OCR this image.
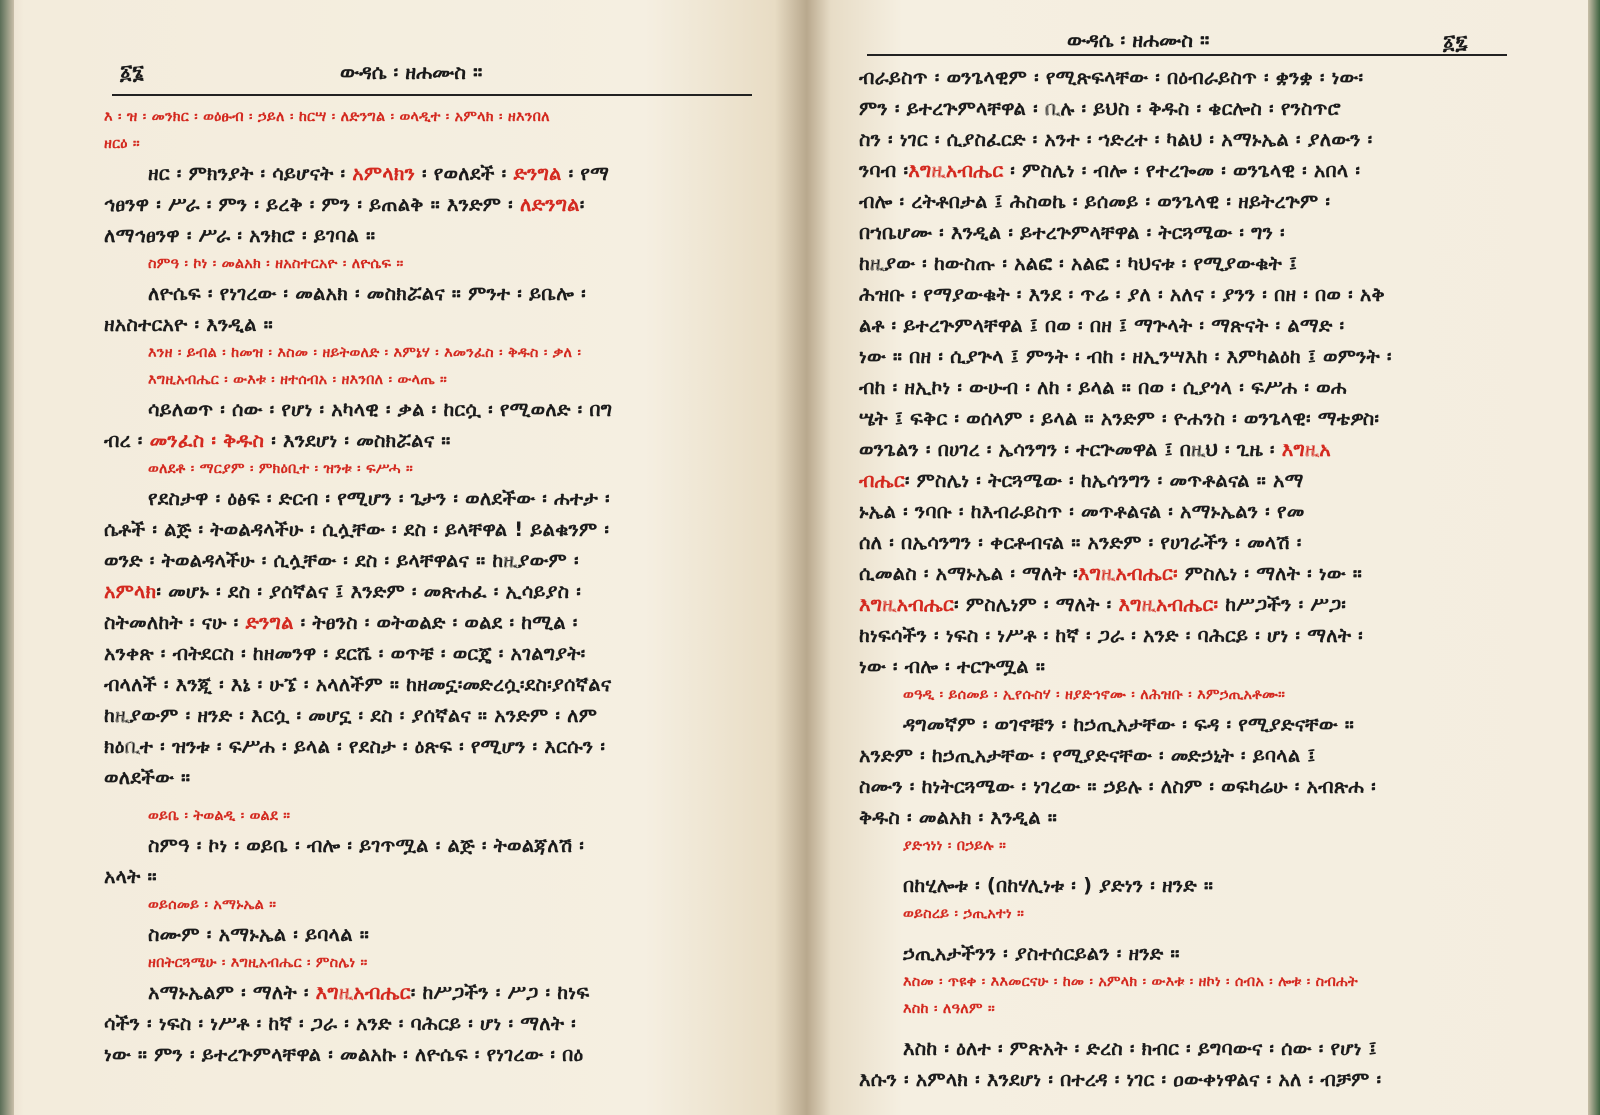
፩፮	ውዳሴ ፡ ዘሐሙስ ።
እ ፡ ዝ ፡ መንክር ፡ ወዕፁብ ፡ ኃይለ ፡ ከርሣ ፡ ለድንግል ፡ ወላዲተ ፡ አምላክ ፡ ዘእንበለ
ዘርዕ ።
ዘር ፡ ምክንያት ፡ ሳይሆናት ፡ አምላክን ፡ የወለደች ፡ ድንግል ፡ የማ
ኅፀንዋ ፡ ሥራ ፡ ምን ፡ ይረቅ ፡ ምን ፡ ይጠልቅ ። እንድም ፡ ለድንግል፡
ለማኅፀንዋ ፡ ሥራ ፡ አንክሮ ፡ ይገባል ።
ስምዓ ፡ ኮነ ፡ መልአክ ፡ ዘአስተርአዮ ፡ ለዮሴፍ ።
ለዮሴፍ ፡ የነገረው ፡ መልአክ ፡ መስክሯልና ። ምንተ ፡ ይቤሎ ፡
ዘአስተርአዮ ፡ እንዲል ።
እንዘ ፡ ይብል ፡ ከመዝ ፡ እስመ ፡ ዘይትወለድ ፡ እምኔሃ ፡ እመንፈስ ፡ ቅዱስ ፡ ቃለ ፡
እግዚአብሔር ፡ ውእቱ ፡ ዘተሰብአ ፡ ዘእንበለ ፡ ውላጤ ።
ሳይለወጥ ፡ ሰው ፡ የሆነ ፡ አካላዊ ፡ ቃል ፡ ከርሷ ፡ የሚወለድ ፡ በግ
ብረ ፡ መንፈስ ፡ ቅዱስ ፡ እንደሆነ ፡ መስክሯልና ።
ወለደቶ ፡ ማርያም ፡ ምክዕቢተ ፡ ዝንቱ ፡ ፍሥሓ ።
የደስታዋ ፡ ዕፅፍ ፡ ድርብ ፡ የሚሆን ፡ ጌታን ፡ ወለደችው ፡ ሐተታ ፡
ሴቶች ፡ ልጅ ፡ ትወልዳላችሁ ፡ ሲሏቸው ፡ ደስ ፡ ይላቸዋል ! ይልቁንም ፡
ወንድ ፡ ትወልዳላችሁ ፡ ሲሏቸው ፡ ደስ ፡ ይላቸዋልና ። ከዚያውም ፡
አምላክ፡ መሆኑ ፡ ደስ ፡ ያሰኛልና ፤ እንድም ፡ መጽሐፈ ፡ ኢሳይያስ ፡
ስትመለከት ፡ ናሁ ፡ ድንግል ፡ ትፀንስ ፡ ወትወልድ ፡ ወልደ ፡ ከሚል ፡
አንቀጽ ፡ ብትደርስ ፡ ከዘመንዋ ፡ ደርሼ ፡ ወጥቼ ፡ ወርጄ ፡ አገልግያት፡
ብላለች ፡ እንጂ ፡ እኔ ፡ ሁኜ ፡ አላለችም ። ከዘመኗ፡መድረሷ፡ደስ፡ያሰኛልና
ከዚያውም ፡ ዘንድ ፡ እርሷ ፡ መሆኗ ፡ ደስ ፡ ያሰኛልና ። አንድም ፡ ለም
ክዕቢተ ፡ ዝንቱ ፡ ፍሥሐ ፡ ይላል ፡ የደስታ ፡ ዕጽፍ ፡ የሚሆን ፡ እርሱን ፡
ወለደችው ።
ወይቤ ፡ ትወልዲ ፡ ወልደ ።
ስምዓ ፡ ኮነ ፡ ወይቤ ፡ ብሎ ፡ ይገጥሟል ፡ ልጅ ፡ ትወልጃለሽ ፡
አላት ።
ወይሰመይ ፡ አማኑኤል ።
ስሙም ፡ አማኑኤል ፡ ይባላል ።
ዘበትርጓሜሁ ፡ እግዚአብሔር ፡ ምስሌነ ።
አማኑኤልም ፡ ማለት ፡ እግዚአብሔር፡ ከሥጋችን ፡ ሥጋ ፡ ከነፍ
ሳችን ፡ ነፍስ ፡ ነሥቶ ፡ ከኛ ፡ ጋራ ፡ አንድ ፡ ባሕርይ ፡ ሆነ ፡ ማለት ፡
ነው ። ምን ፡ ይተረጕምላቸዋል ፡ መልአኩ ፡ ለዮሴፍ ፡ የነገረው ፡ በዕ
ውዳሴ ፡ ዘሐሙስ ።	፩፯
ብራይስጥ ፡ ወንጌላዊም ፡ የሚጽፍላቸው ፡ በዕብራይስጥ ፡ ቋንቋ ፡ ነው፡
ምን ፡ ይተረጕምላቸዋል ፡ ቢሉ ፡ ይህስ ፡ ቅዱስ ፡ ቄርሎስ ፡ የንስጥሮ
ስን ፡ ነገር ፡ ሲያስፈርድ ፡ አንተ ፡ ኀድረተ ፡ ካልህ ፡ አማኑኤል ፡ ያለውን ፡
ንባብ ፡እግዚአብሔር ፡ ምስሌነ ፡ ብሎ ፡ የተረጐመ ፡ ወንጌላዊ ፡ አበላ ፡
ብሎ ፡ ረትቶበታል ፤ ሕስወኬ ፡ ይሰመይ ፡ ወንጌላዊ ፡ ዘይትረጕም ፡
በኀቤሆሙ ፡ እንዲል ፡ ይተረጕምላቸዋል ፡ ትርጓሜው ፡ ግን ፡
ከዚያው ፡ ከውስጡ ፡ አልፎ ፡ አልፎ ፡ ካህናቱ ፡ የሚያውቁት ፤
ሕዝቡ ፡ የማያውቁት ፡ እንደ ፡ ጥሬ ፡ ያለ ፡ አለና ፡ ያንን ፡ በዘ ፡ በወ ፡ አቅ
ልቶ ፡ ይተረጕምላቸዋል ፤ በወ ፡ በዘ ፤ ማጕላት ፡ ማጽናት ፡ ልማድ ፡
ነው ። በዘ ፡ ሲያጕላ ፤ ምንት ፡ ብከ ፡ ዘኢንሣእከ ፡ እምካልዕከ ፤ ወምንት ፡
ብከ ፡ ዘኢኮነ ፡ ውሁብ ፡ ለከ ፡ ይላል ። በወ ፡ ሲያጎላ ፡ ፍሥሐ ፡ ወሐ
ሤት ፤ ፍቅር ፡ ወሰላም ፡ ይላል ። አንድም ፡ ዮሐንስ ፡ ወንጌላዊ፡ ማቴዎስ፡
ወንጌልን ፡ በሀገረ ፡ ኤሳንግን ፡ ተርጕመዋል ፤ በዚህ ፡ ጊዜ ፡ እግዚአ
ብሔር፡ ምስሌነ ፡ ትርጓሜው ፡ ከኤሳንግን ፡ መጥቶልናል ። አማ
ኑኤል ፡ ንባቡ ፡ ከእብራይስጥ ፡ መጥቶልናል ፡ አማኑኤልን ፡ የመ
ሰለ ፡ በኤሳንግን ፡ ቀርቶብናል ። አንድም ፡ የሀገራችን ፡ መላሽ ፡
ሲመልስ ፡ አማኑኤል ፡ ማለት ፡እግዚአብሔር፡ ምስሌነ ፡ ማለት ፡ ነው ።
እግዚአብሔር፡ ምስሌነም ፡ ማለት ፡ እግዚአብሔር፡ ከሥጋችን ፡ ሥጋ፡
ከነፍሳችን ፡ ነፍስ ፡ ነሥቶ ፡ ከኛ ፡ ጋራ ፡ አንድ ፡ ባሕርይ ፡ ሆነ ፡ ማለት ፡
ነው ፡ ብሎ ፡ ተርጕሟል ።
ወዓዲ ፡ ይሰመይ ፡ ኢየሱስሃ ፡ ዘያድኅኖሙ ፡ ለሕዝቡ ፡ እምኃጢአቶሙ።
ዳግመኛም ፡ ወገኖቹን ፡ ከኃጢአታቸው ፡ ፍዳ ፡ የሚያድናቸው ።
አንድም ፡ ከኃጢአታቸው ፡ የሚያድናቸው ፡ መድኃኒት ፡ ይባላል ፤
ስሙን ፡ ከነትርጓሜው ፡ ነገረው ። ኃይሉ ፡ ለስም ፡ ወፍካሬሁ ፡ አብጽሐ ፡
ቅዱስ ፡ መልአክ ፡ እንዲል ።
ያድኅነነ ፡ በኃይሉ ።
በከሂሎቱ ፡ (በከሃሊነቱ ፡ ) ያድነን ፡ ዘንድ ።
ወይስረይ ፡ ኃጢአተነ ።
ኃጢአታችንን ፡ ያስተሰርይልን ፡ ዘንድ ።
እስመ ፡ ጥዩቀ ፡ እእመርናሁ ፡ ከመ ፡ አምላክ ፡ ውእቱ ፡ ዘኮነ ፡ ሰብአ ፡ ሎቱ ፡ ስብሐት
እስከ ፡ ለዓለም ።
እስከ ፡ ዕለተ ፡ ምጽአት ፡ ድረስ ፡ ክብር ፡ ይግባውና ፡ ሰው ፡ የሆነ ፤
እሱን ፡ አምላክ ፡ እንደሆነ ፡ በተረዳ ፡ ነገር ፡ ዐውቀነዋልና ፡ አለ ፡ ብቻም ፡
